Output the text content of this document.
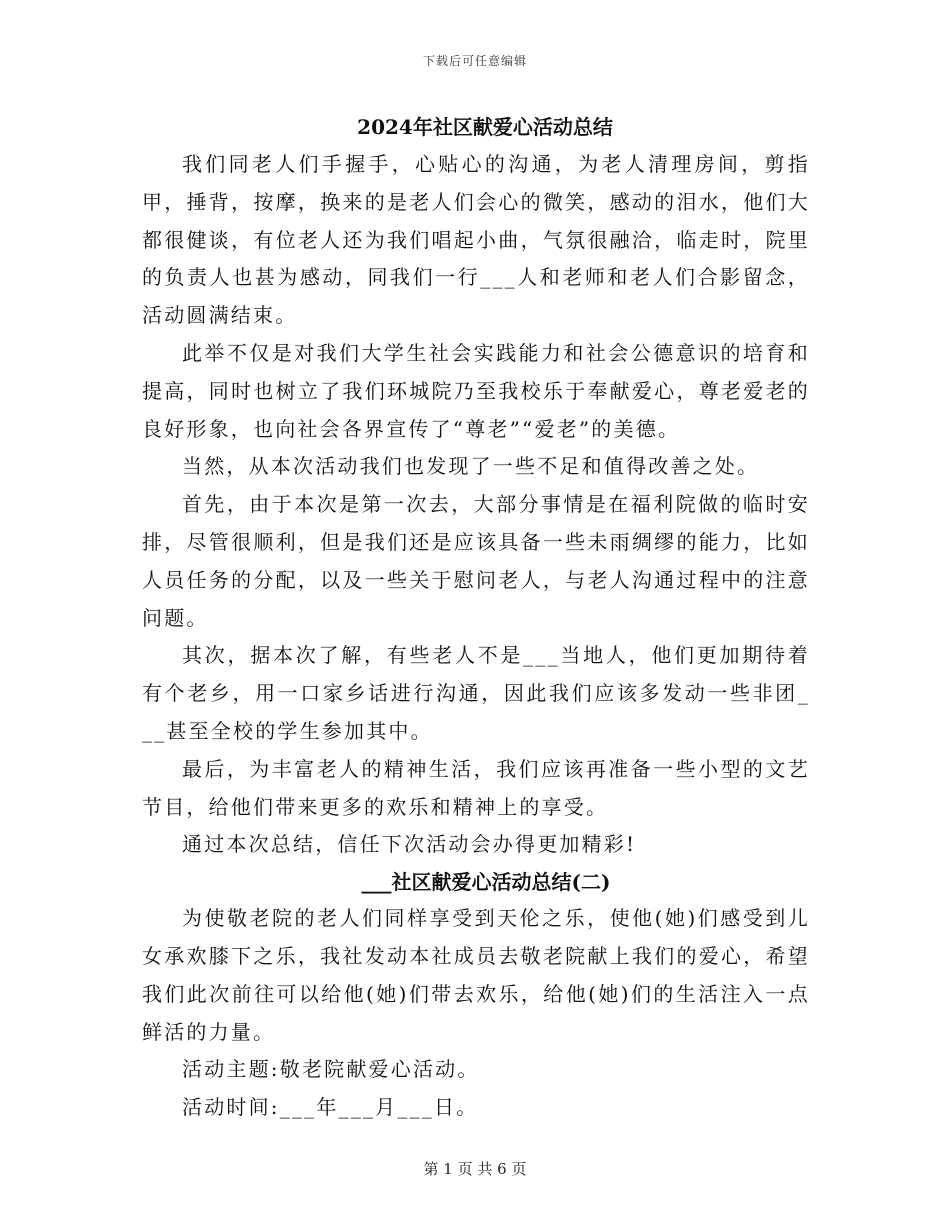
下载后可任意编辑
2024年社区献爱心活动总结

我们同老人们手握手，心贴心的沟通，为老人清理房间，剪指甲，捶背，按摩，换来的是老人们会心的微笑，感动的泪水，他们大都很健谈，有位老人还为我们唱起小曲，气氛很融洽，临走时，院里的负责人也甚为感动，同我们一行___人和老师和老人们合影留念，活动圆满结束。

此举不仅是对我们大学生社会实践能力和社会公德意识的培育和提高，同时也树立了我们环城院乃至我校乐于奉献爱心，尊老爱老的良好形象，也向社会各界宣传了“尊老”“爱老”的美德。

当然，从本次活动我们也发现了一些不足和值得改善之处。

首先，由于本次是第一次去，大部分事情是在福利院做的临时安排，尽管很顺利，但是我们还是应该具备一些未雨绸缪的能力，比如人员任务的分配，以及一些关于慰问老人，与老人沟通过程中的注意问题。

其次，据本次了解，有些老人不是___当地人，他们更加期待着有个老乡，用一口家乡话进行沟通，因此我们应该多发动一些非团___甚至全校的学生参加其中。

最后，为丰富老人的精神生活，我们应该再准备一些小型的文艺节目，给他们带来更多的欢乐和精神上的享受。

通过本次总结，信任下次活动会办得更加精彩!

___社区献爱心活动总结(二)

为使敬老院的老人们同样享受到天伦之乐，使他(她)们感受到儿女承欢膝下之乐，我社发动本社成员去敬老院献上我们的爱心，希望我们此次前往可以给他(她)们带去欢乐，给他(她)们的生活注入一点鲜活的力量。

活动主题:敬老院献爱心活动。

活动时间:___年___月___日。

第 1 页 共 6 页
